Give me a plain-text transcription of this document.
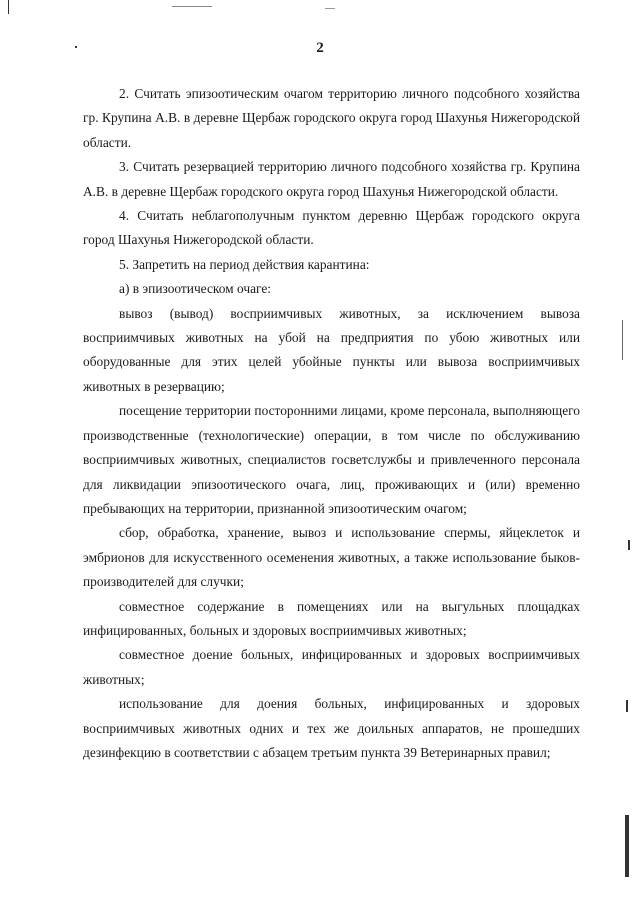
2

2. Считать эпизоотическим очагом территорию личного подсобного хозяйства гр. Крупина А.В. в деревне Щербаж городского округа город Шахунья Нижегородской области.

3. Считать резервацией территорию личного подсобного хозяйства гр. Крупина А.В. в деревне Щербаж городского округа город Шахунья Нижегородской области.

4. Считать неблагополучным пунктом деревню Щербаж городского округа город Шахунья Нижегородской области.

5. Запретить на период действия карантина:

а) в эпизоотическом очаге:

вывоз (вывод) восприимчивых животных, за исключением вывоза восприимчивых животных на убой на предприятия по убою животных или оборудованные для этих целей убойные пункты или вывоза восприимчивых животных в резервацию;

посещение территории посторонними лицами, кроме персонала, выполняющего производственные (технологические) операции, в том числе по обслуживанию восприимчивых животных, специалистов госветслужбы и привлеченного персонала для ликвидации эпизоотического очага, лиц, проживающих и (или) временно пребывающих на территории, признанной эпизоотическим очагом;

сбор, обработка, хранение, вывоз и использование спермы, яйцеклеток и эмбрионов для искусственного осеменения животных, а также использование быков-производителей для случки;

совместное содержание в помещениях или на выгульных площадках инфицированных, больных и здоровых восприимчивых животных;

совместное доение больных, инфицированных и здоровых восприимчивых животных;

использование для доения больных, инфицированных и здоровых восприимчивых животных одних и тех же доильных аппаратов, не прошедших дезинфекцию в соответствии с абзацем третьим пункта 39 Ветеринарных правил;
